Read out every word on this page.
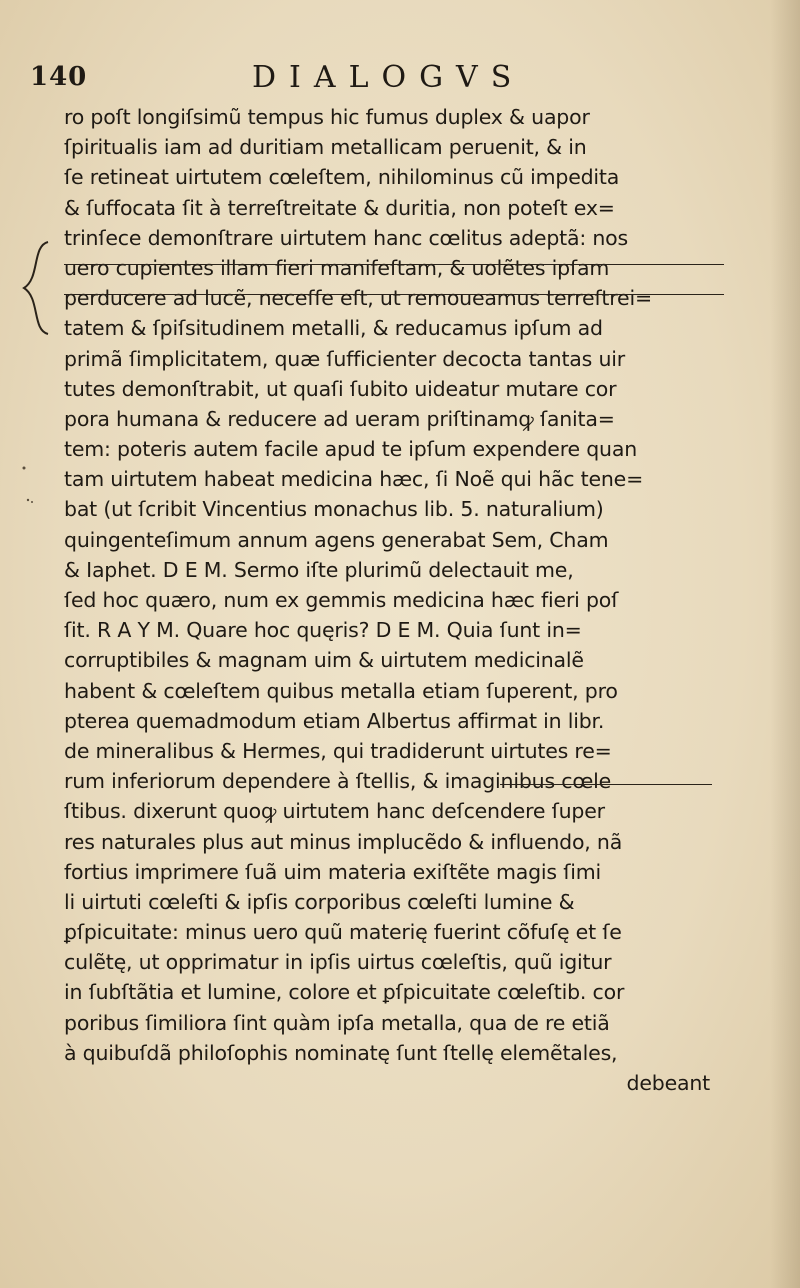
140	DIALOGVS
ro poſt longiſsimũ tempus hic fumus duplex & uapor
ſpiritualis iam ad duritiam metallicam peruenit, & in
ſe retineat uirtutem cœleſtem, nihilominus cũ impedita
& ſuffocata ſit à terreſtreitate & duritia, non poteſt ex=
trinſece demonſtrare uirtutem hanc cœlitus adeptã: nos
uero cupientes illam fieri manifeſtam, & uolẽtes ipſam
perducere ad lucẽ, neceſſe eſt, ut remoueamus terreſtrei=
tatem & ſpiſsitudinem metalli, & reducamus ipſum ad
primã ſimplicitatem, quæ ſufficienter decocta tantas uir
tutes demonſtrabit, ut quaſi ſubito uideatur mutare cor
pora humana & reducere ad ueram priſtinamꝙ ſanita=
tem: poteris autem facile apud te ipſum expendere quan
tam uirtutem habeat medicina hæc, ſi Noẽ qui hãc tene=
bat (ut ſcribit Vincentius monachus lib. 5. naturalium)
quingenteſimum annum agens generabat Sem, Cham
& Iaphet. D E M. Sermo iſte plurimũ delectauit me,
ſed hoc quæro, num ex gemmis medicina hæc fieri poſ
ſit. R A Y M. Quare hoc quęris? D E M. Quia ſunt in=
corruptibiles & magnam uim & uirtutem medicinalẽ
habent & cœleſtem quibus metalla etiam ſuperent, pro
pterea quemadmodum etiam Albertus affirmat in libr.
de mineralibus & Hermes, qui tradiderunt uirtutes re=
rum inferiorum dependere à ſtellis, & imaginibus cœle
ſtibus. dixerunt quoꝙ uirtutem hanc deſcendere ſuper
res naturales plus aut minus implucẽdo & influendo, nã
fortius imprimere ſuã uim materia exiſtẽte magis ſimi
li uirtuti cœleſti & ipſis corporibus cœleſti lumine &
ꝑſpicuitate: minus uero quũ materię fuerint cõfuſę et ſe
culẽtę, ut opprimatur in ipſis uirtus cœleſtis, quũ igitur
in ſubſtãtia et lumine, colore et ꝑſpicuitate cœleſtib. cor
poribus ſimiliora ſint quàm ipſa metalla, qua de re etiã
à quibuſdã philoſophis nominatę ſunt ſtellę elemẽtales,
debeant
